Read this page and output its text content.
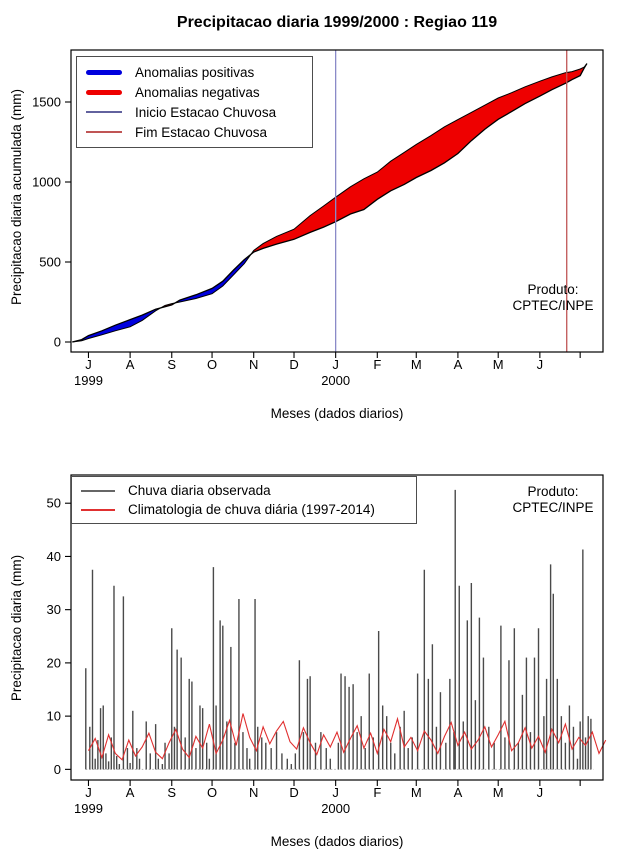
0
500
1000
1500
J	A	S O N D	J	F M A M	J
1999	2000
0
10
20
30
40
50
J	A	S O N D	J	F M A M	J
1999	2000
Precipitacao diaria 1999/2000 : Regiao 119
Precipitacao diaria acumulada (mm)
Meses (dados diarios)
Anomalias positivas
Anomalias negativas
Inicio Estacao Chuvosa
Fim Estacao Chuvosa
Produto:
CPTEC/INPE
Precipitacao diaria (mm)
Meses (dados diarios)
Chuva diaria observada
Climatologia de chuva diária (1997-2014)
Produto:
CPTEC/INPE
